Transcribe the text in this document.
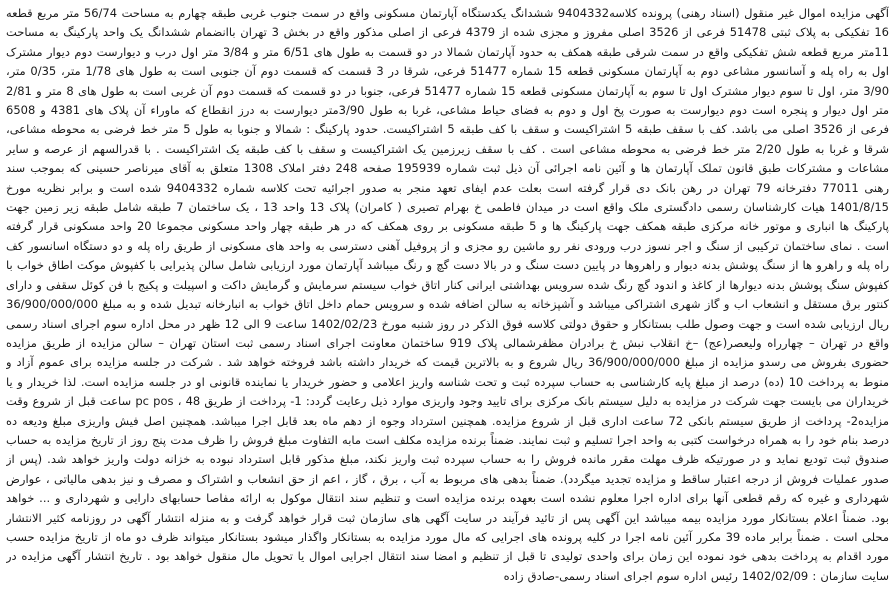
آگهی مزایده اموال غیر منقول (اسناد رهنی) پرونده کلاسه9404332 ششدانگ یکدستگاه آپارتمان مسکونی واقع در سمت جنوب غربی طبقه چهارم به مساحت 56/74 متر مربع قطعه 16 تفکیکی به پلاک ثبتی 51478 فرعی از 3526 اصلی مفروز و مجزی شده از 4379 فرعی از اصلی مذکور واقع در بخش 3 تهران باانضمام ششدانگ یک واحد پارکینگ به مساحت 11متر مربع قطعه شش تفکیکی واقع در سمت شرقی طبقه همکف به حدود آپارتمان شمالا در دو قسمت به طول های 6/51 متر و 3/84 متر اول درب و دیوارست دوم دیوار مشترک اول به راه پله و آسانسور مشاعی دوم به آپارتمان مسکونی قطعه 15 شماره 51477 فرعی، شرقا در 3 قسمت که قسمت دوم آن جنوبی است به طول های 1/78 متر، 0/35 متر، 3/90 متر، اول تا سوم دیوار مشترک اول تا سوم به آپارتمان مسکونی قطعه 15 شماره 51477 فرعی، جنوبا در دو قسمت که قسمت دوم آن غربی است به طول های 8 متر و 2/81 متر اول دیوار و پنجره است دوم دیوارست به صورت پخ اول و دوم به فضای حیاط مشاعی، غربا به طول 3/90متر دیوارست به درز انقطاع که ماوراء آن پلاک های 4381 و 6508 فرعی از 3526 اصلی می باشد. کف با سقف طبقه 5 اشتراکیست و سقف با کف طبقه 5 اشتراکیست. حدود پارکینگ : شمالا و جنوبا به طول 5 متر خط فرضی به محوطه مشاعی، شرقا و غربا به طول 2/20 متر خط فرضی به محوطه مشاعی است . کف با سقف زیرزمین یک اشتراکیست و سقف با کف طبقه یک اشتراکیست . با قدرالسهم از عرصه و سایر مشاعات و مشترکات طبق قانون تملک آپارتمان ها و آئین نامه اجرائی آن ذیل ثبت شماره 195939 صفحه 248 دفتر املاک 1308 متعلق به آقای میرناصر حسینی که بموجب سند رهنی 77011 دفترخانه 79 تهران در رهن بانک دی قرار گرفته است بعلت عدم ایفای تعهد منجر به صدور اجرائیه تحت کلاسه شماره 9404332 شده است و برابر نظریه مورخ 1401/8/15 هیات کارشناسان رسمی دادگستری ملک واقع است در میدان فاطمی خ بهرام تصیری ( کامران) پلاک 13 واحد 13 ، یک ساختمان 7 طبقه شامل طبقه زیر زمین جهت پارکینگ ها انباری و موتور خانه مرکزی طبقه همکف جهت پارکینگ ها و 5 طبقه مسکونی بر روی همکف که در هر طبقه چهار واحد مسکونی مجموعا 20 واحد مسکونی قرار گرفته است . نمای ساختمان ترکیبی از سنگ و اجر نسوز درب ورودی نفر رو ماشین رو مجزی و از پروفیل آهنی دسترسی به واحد های مسکونی از طریق راه پله و دو دستگاه اسانسور کف راه پله و راهرو ها از سنگ پوشش بدنه دیوار و راهروها در پایین دست سنگ و در بالا دست گچ و رنگ میباشد آپارتمان مورد ارزیابی شامل سالن پذیرایی با کفپوش موکت اطاق خواب با کفپوش سنگ پوشش بدنه دیوارها از کاغذ و اندود گچ رنگ شده سرویس بهداشتی ایرانی کنار اتاق خواب سیستم سرمایش و گرمایش داکت و اسپیلت و پکیج با فن کوئل سقفی و دارای کنتور برق مستقل و انشعاب اب و گاز شهری اشتراکی میباشد و آشپزخانه به سالن اضافه شده و سرویس حمام داخل اتاق خواب به انبارخانه تبدیل شده و به مبلغ 36/900/000/000 ریال ارزیابی شده است و جهت وصول طلب بستانکار و حقوق دولتی کلاسه فوق الذکر در روز شنبه مورخ 1402/02/23 ساعت 9 الی 12 ظهر در محل اداره سوم اجرای اسناد رسمی واقع در تهران – چهارراه ولیعصر(عج) –خ انقلاب نبش خ برادران مظفرشمالی پلاک 919 ساختمان معاونت اجرای اسناد رسمی ثبت استان تهران – سالن مزایده از طریق مزایده حضوری بفروش می رسدو مزایده از مبلغ 36/900/000/000 ریال شروع و به بالاترین قیمت که خریدار داشته باشد فروخته خواهد شد . شرکت در جلسه مزایده برای عموم آزاد و منوط به پرداخت 10 (ده) درصد از مبلغ پایه کارشناسی به حساب سپرده ثبت و تحت شناسه واریز اعلامی و حضور خریدار یا نماینده قانونی او در جلسه مزایده است. لذا خریدار و یا خریداران می بایست جهت شرکت در مزایده به دلیل سیستم بانک مرکزی برای تایید وجود واریزی موارد ذیل رعایت گردد: 1- پرداخت از طریق pc pos ، 48 ساعت قبل از شروع وقت مزایده2- پرداخت از طریق سیستم بانکی 72 ساعت اداری قبل از شروع مزایده. همچنین استرداد وجوه از دهم ماه بعد قابل اجرا میباشد. همچنین اصل فیش واریزی مبلغ ودیعه ده درصد بنام خود را به همراه درخواست کتبی به واحد اجرا تسلیم و ثبت نمایند. ضمناً برنده مزایده مکلف است مابه التفاوت مبلغ فروش را ظرف مدت پنج روز از تاریخ مزایده به حساب صندوق ثبت تودیع نماید و در صورتیکه ظرف مهلت مقرر مانده فروش را به حساب سپرده ثبت واریز نکند، مبلغ مذکور قابل استرداد نبوده به خزانه دولت واریز خواهد شد. (پس از صدور عملیات فروش از درجه اعتبار ساقط و مزایده تجدید میگردد). ضمناً بدهی های مربوط به آب ، برق ، گاز ، اعم از حق انشعاب و اشتراک و مصرف و نیز بدهی مالیاتی ، عوارض شهرداری و غیره که رقم قطعی آنها برای اداره اجرا معلوم نشده است بعهده برنده مزایده است و تنظیم سند انتقال موکول به ارائه مفاصا حسابهای دارایی و شهرداری و ... خواهد بود. ضمناً اعلام بستانکار مورد مزایده بیمه میباشد این آگهی پس از تائید فرآیند در سایت آگهی های سازمان ثبت قرار خواهد گرفت و به منزله انتشار آگهی در روزنامه کثیر الانتشار محلی است . ضمناً برابر ماده 39 مکرر آئین نامه اجرا در کلیه پرونده های اجرایی که مال مورد مزایده به بستانکار واگذار میشود بستانکار میتواند ظرف دو ماه از تاریخ مزایده حسب مورد اقدام به پرداخت بدهی خود نموده این زمان برای واحدی تولیدی تا قبل از تنظیم و امضا سند انتقال اجرایی اموال یا تحویل مال منقول خواهد بود . تاریخ انتشار آگهی مزایده در سایت سازمان : 1402/02/09 رئیس اداره سوم اجرای اسناد رسمی-صادق زاده
